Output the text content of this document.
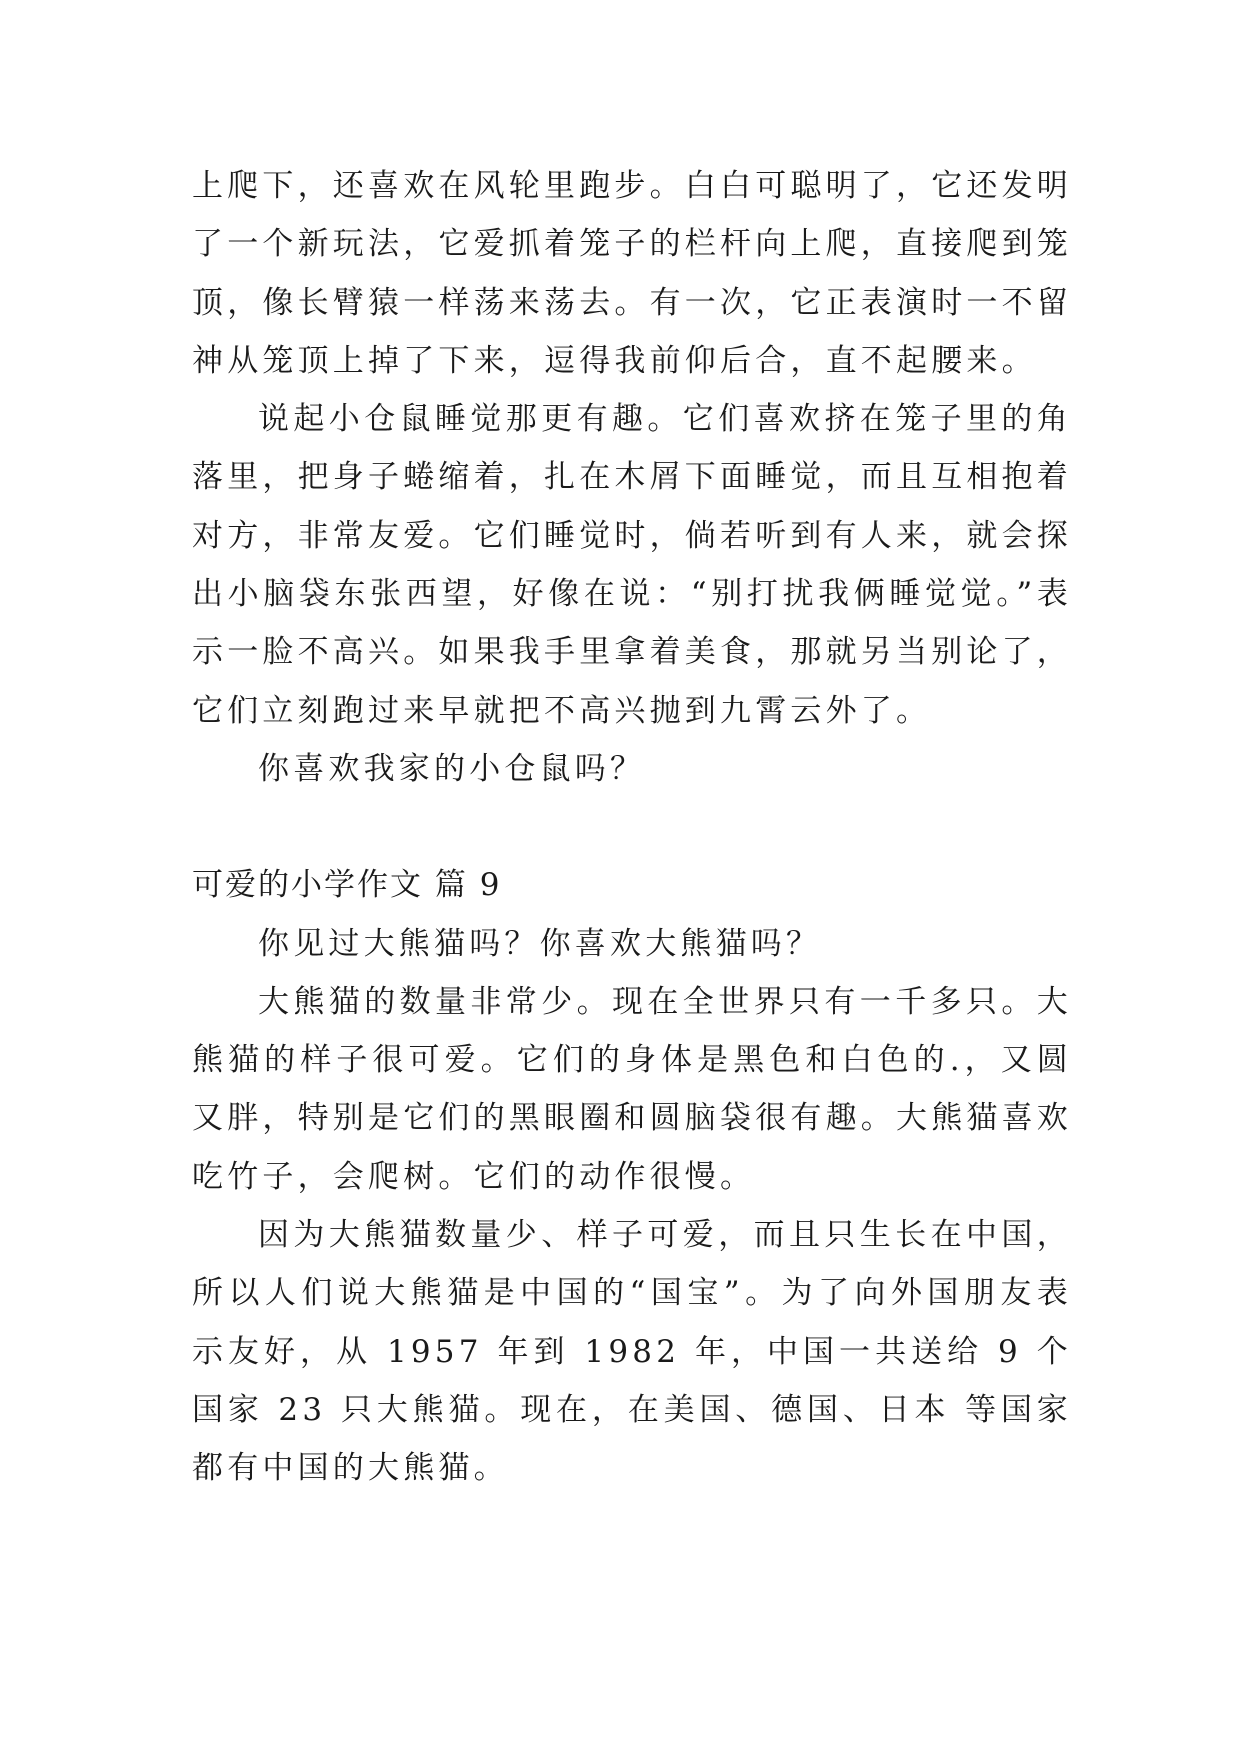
上爬下，还喜欢在风轮里跑步。白白可聪明了，它还发明了一个新玩法，它爱抓着笼子的栏杆向上爬，直接爬到笼顶，像长臂猿一样荡来荡去。有一次，它正表演时一不留神从笼顶上掉了下来，逗得我前仰后合，直不起腰来。

说起小仓鼠睡觉那更有趣。它们喜欢挤在笼子里的角落里，把身子蜷缩着，扎在木屑下面睡觉，而且互相抱着对方，非常友爱。它们睡觉时，倘若听到有人来，就会探出小脑袋东张西望，好像在说：“别打扰我俩睡觉觉。”表示一脸不高兴。如果我手里拿着美食，那就另当别论了，它们立刻跑过来早就把不高兴抛到九霄云外了。

你喜欢我家的小仓鼠吗？

可爱的小学作文 篇 9

你见过大熊猫吗？你喜欢大熊猫吗？

大熊猫的数量非常少。现在全世界只有一千多只。大熊猫的样子很可爱。它们的身体是黑色和白色的.，又圆又胖，特别是它们的黑眼圈和圆脑袋很有趣。大熊猫喜欢吃竹子，会爬树。它们的动作很慢。

因为大熊猫数量少、样子可爱，而且只生长在中国，所以人们说大熊猫是中国的“国宝”。为了向外国朋友表示友好，从 1957 年到 1982 年，中国一共送给 9 个国家 23 只大熊猫。现在，在美国、德国、日本 等国家都有中国的大熊猫。
